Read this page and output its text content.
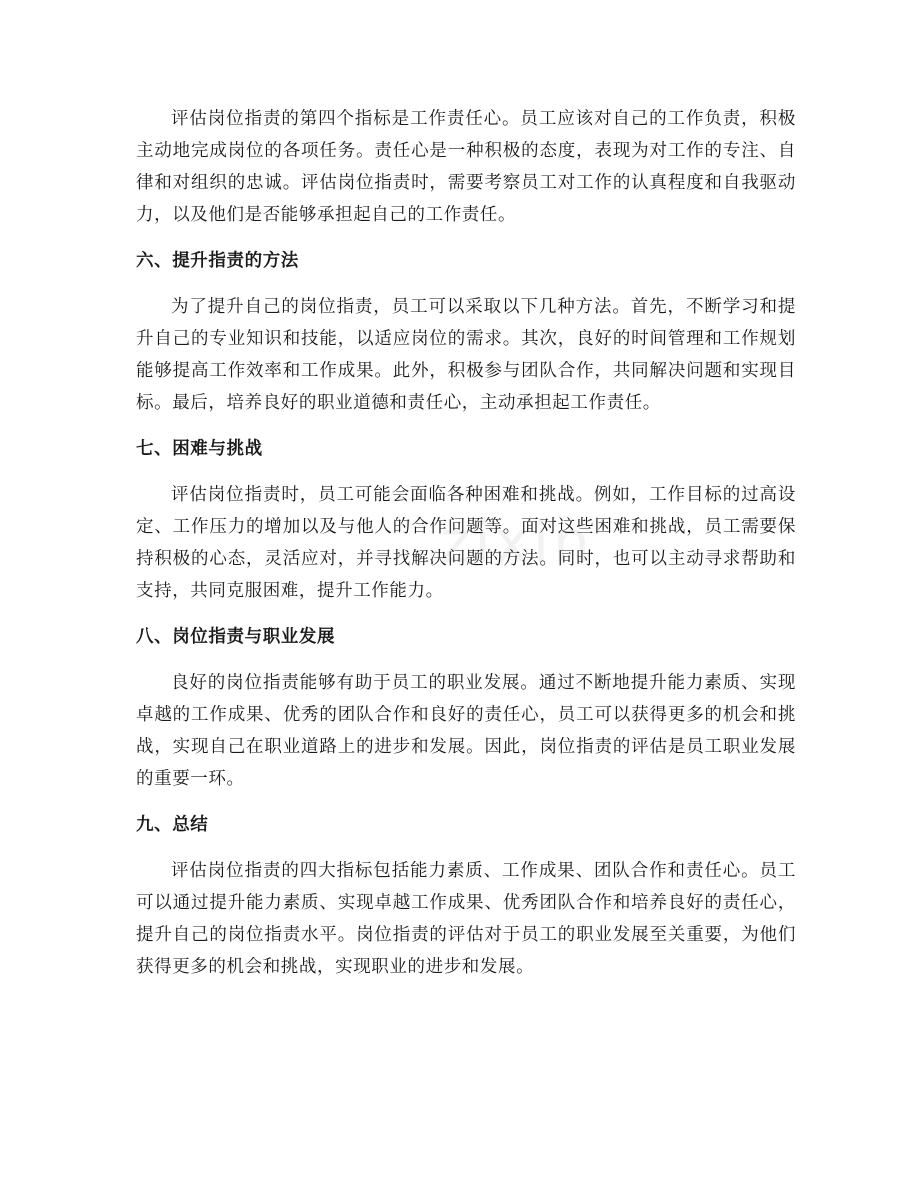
zixin

评估岗位指责的第四个指标是工作责任心。员工应该对自己的工作负责，积极主动地完成岗位的各项任务。责任心是一种积极的态度，表现为对工作的专注、自律和对组织的忠诚。评估岗位指责时，需要考察员工对工作的认真程度和自我驱动力，以及他们是否能够承担起自己的工作责任。

六、提升指责的方法

为了提升自己的岗位指责，员工可以采取以下几种方法。首先，不断学习和提升自己的专业知识和技能，以适应岗位的需求。其次，良好的时间管理和工作规划能够提高工作效率和工作成果。此外，积极参与团队合作，共同解决问题和实现目标。最后，培养良好的职业道德和责任心，主动承担起工作责任。

七、困难与挑战

评估岗位指责时，员工可能会面临各种困难和挑战。例如，工作目标的过高设定、工作压力的增加以及与他人的合作问题等。面对这些困难和挑战，员工需要保持积极的心态，灵活应对，并寻找解决问题的方法。同时，也可以主动寻求帮助和支持，共同克服困难，提升工作能力。

八、岗位指责与职业发展

良好的岗位指责能够有助于员工的职业发展。通过不断地提升能力素质、实现卓越的工作成果、优秀的团队合作和良好的责任心，员工可以获得更多的机会和挑战，实现自己在职业道路上的进步和发展。因此，岗位指责的评估是员工职业发展的重要一环。

九、总结

评估岗位指责的四大指标包括能力素质、工作成果、团队合作和责任心。员工可以通过提升能力素质、实现卓越工作成果、优秀团队合作和培养良好的责任心，提升自己的岗位指责水平。岗位指责的评估对于员工的职业发展至关重要，为他们获得更多的机会和挑战，实现职业的进步和发展。
